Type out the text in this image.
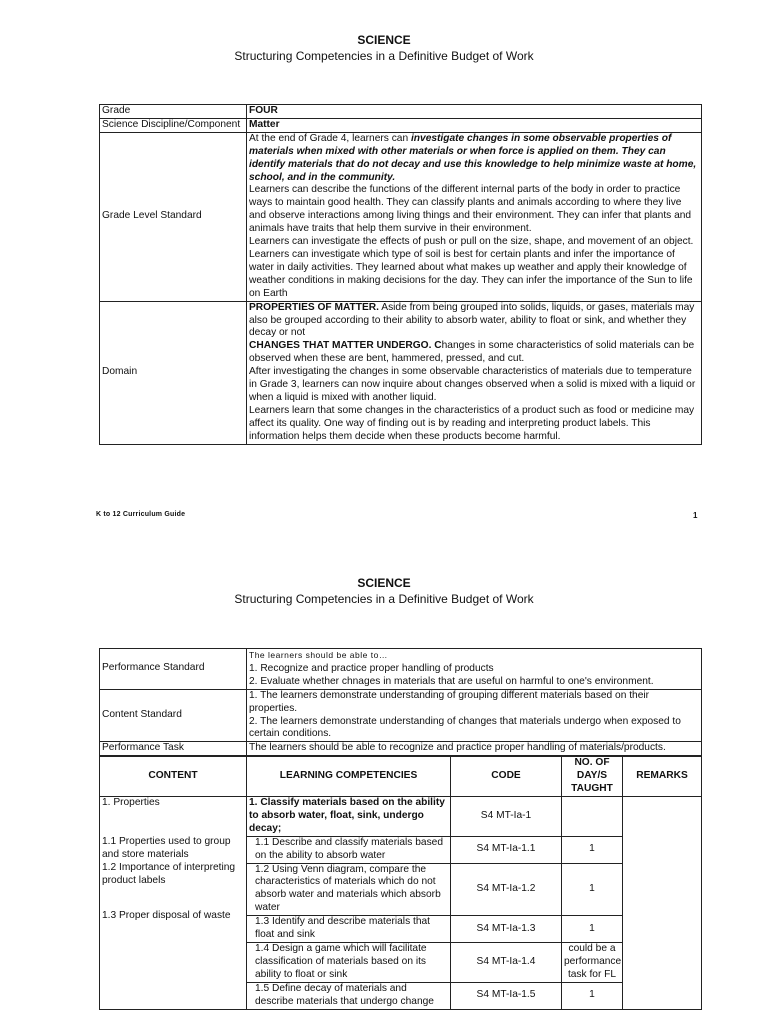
SCIENCE
Structuring Competencies in a Definitive Budget of Work
Grade	FOUR
Science Discipline/Component	Matter
Grade Level Standard	At the end of Grade 4, learners can investigate changes in some observable properties of materials when mixed with other materials or when force is applied on them. They can identify materials that do not decay and use this knowledge to help minimize waste at home, school, and in the community.
Learners can describe the functions of the different internal parts of the body in order to practice ways to maintain good health. They can classify plants and animals according to where they live and observe interactions among living things and their environment. They can infer that plants and animals have traits that help them survive in their environment.
Learners can investigate the effects of push or pull on the size, shape, and movement of an object.
Learners can investigate which type of soil is best for certain plants and infer the importance of water in daily activities. They learned about what makes up weather and apply their knowledge of weather conditions in making decisions for the day. They can infer the importance of the Sun to life on Earth
Domain	PROPERTIES OF MATTER. Aside from being grouped into solids, liquids, or gases, materials may also be grouped according to their ability to absorb water, ability to float or sink, and whether they decay or not
CHANGES THAT MATTER UNDERGO. Changes in some characteristics of solid materials can be observed when these are bent, hammered, pressed, and cut.
After investigating the changes in some observable characteristics of materials due to temperature in Grade 3, learners can now inquire about changes observed when a solid is mixed with a liquid or when a liquid is mixed with another liquid.
Learners learn that some changes in the characteristics of a product such as food or medicine may affect its quality. One way of finding out is by reading and interpreting product labels. This information helps them decide when these products become harmful.
K to 12 Curriculum Guide	1
SCIENCE
Structuring Competencies in a Definitive Budget of Work
Performance Standard	The learners should be able to…
1. Recognize and practice proper handling of products
2. Evaluate whether chnages in materials that are useful on harmful to one's environment.
Content Standard	1. The learners demonstrate understanding of grouping different materials based on their properties.
2. The learners demonstrate understanding of changes that materials undergo when exposed to certain conditions.
Performance Task	The learners should be able to recognize and practice proper handling of materials/products.
CONTENT	LEARNING COMPETENCIES	CODE	NO. OF DAY/S TAUGHT	REMARKS

1. Properties
1.1 Properties used to group and store materials
1.2 Importance of interpreting product labels
1.3 Proper disposal of waste	1. Classify materials based on the ability to absorb water, float, sink, undergo decay;	S4 MT-Ia-1		
	1.1 Describe and classify materials based on the ability to absorb water	S4 MT-Ia-1.1	1	
	1.2 Using Venn diagram, compare the characteristics of materials which do not absorb water and materials which absorb water	S4 MT-Ia-1.2	1	
	1.3 Identify and describe materials that float and sink	S4 MT-Ia-1.3	1	
	1.4 Design a game which will facilitate classification of materials based on its ability to float or sink	S4 MT-Ia-1.4	could be a performance task for FL	
	1.5 Define decay of materials and describe materials that undergo change	S4 MT-Ia-1.5	1	
